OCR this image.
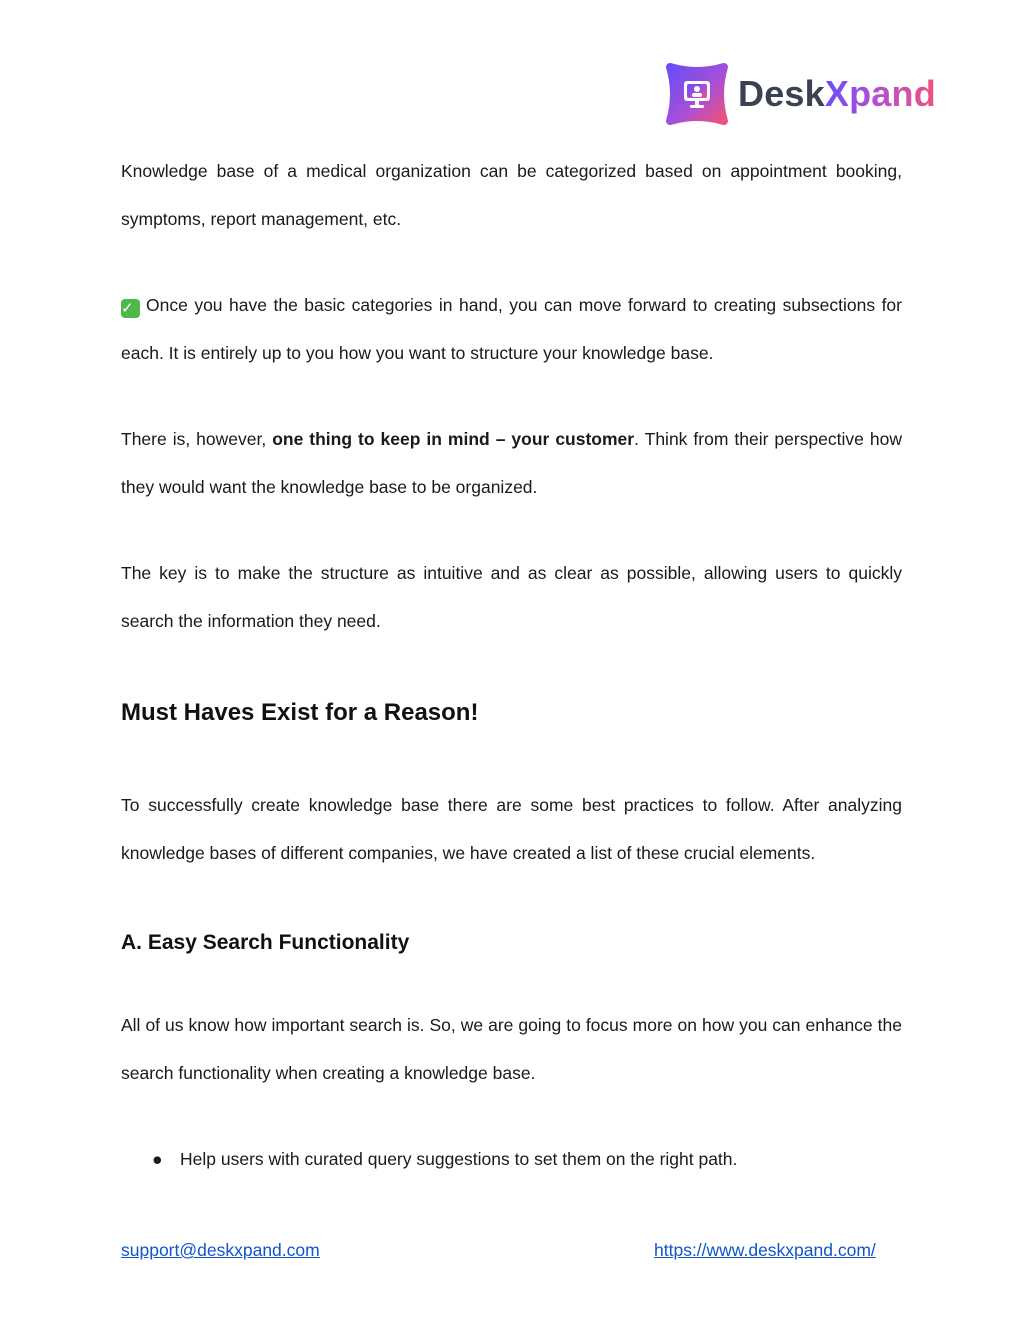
DeskXpand

Knowledge base of a medical organization can be categorized based on appointment booking, symptoms, report management, etc.

✓ Once you have the basic categories in hand, you can move forward to creating subsections for each. It is entirely up to you how you want to structure your knowledge base.

There is, however, one thing to keep in mind – your customer. Think from their perspective how they would want the knowledge base to be organized.

The key is to make the structure as intuitive and as clear as possible, allowing users to quickly search the information they need.

Must Haves Exist for a Reason!

To successfully create knowledge base there are some best practices to follow. After analyzing knowledge bases of different companies, we have created a list of these crucial elements.

A. Easy Search Functionality

All of us know how important search is. So, we are going to focus more on how you can enhance the search functionality when creating a knowledge base.

● Help users with curated query suggestions to set them on the right path.
support@deskxpand.com	https://www.deskxpand.com/
